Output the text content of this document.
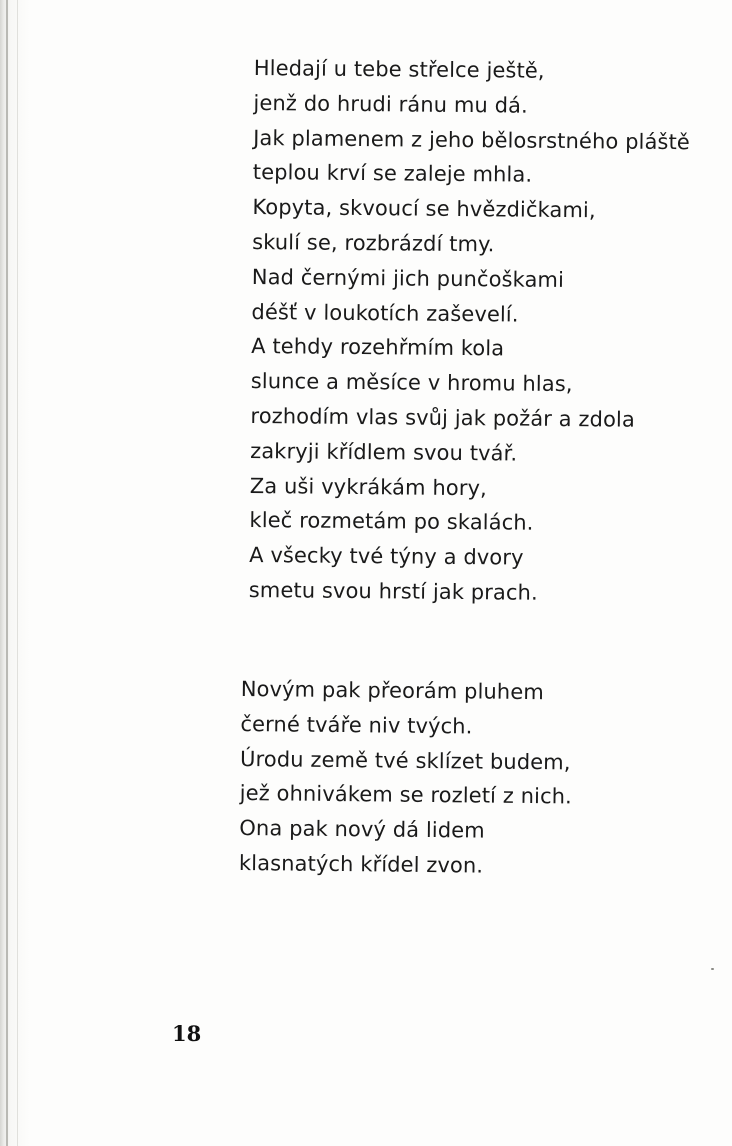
Hledají u tebe střelce ještě,
jenž do hrudi ránu mu dá.
Jak plamenem z jeho bělosrstného pláště
teplou krví se zaleje mhla.
Kopyta, skvoucí se hvězdičkami,
skulí se, rozbrázdí tmy.
Nad černými jich punčoškami
déšť v loukotích zaševelí.
A tehdy rozehřmím kola
slunce a měsíce v hromu hlas,
rozhodím vlas svůj jak požár a zdola
zakryji křídlem svou tvář.
Za uši vykrákám hory,
kleč rozmetám po skalách.
A všecky tvé týny a dvory
smetu svou hrstí jak prach.
Novým pak přeorám pluhem
černé tváře niv tvých.
Úrodu země tvé sklízet budem,
jež ohnivákem se rozletí z nich.
Ona pak nový dá lidem
klasnatých křídel zvon.
18
